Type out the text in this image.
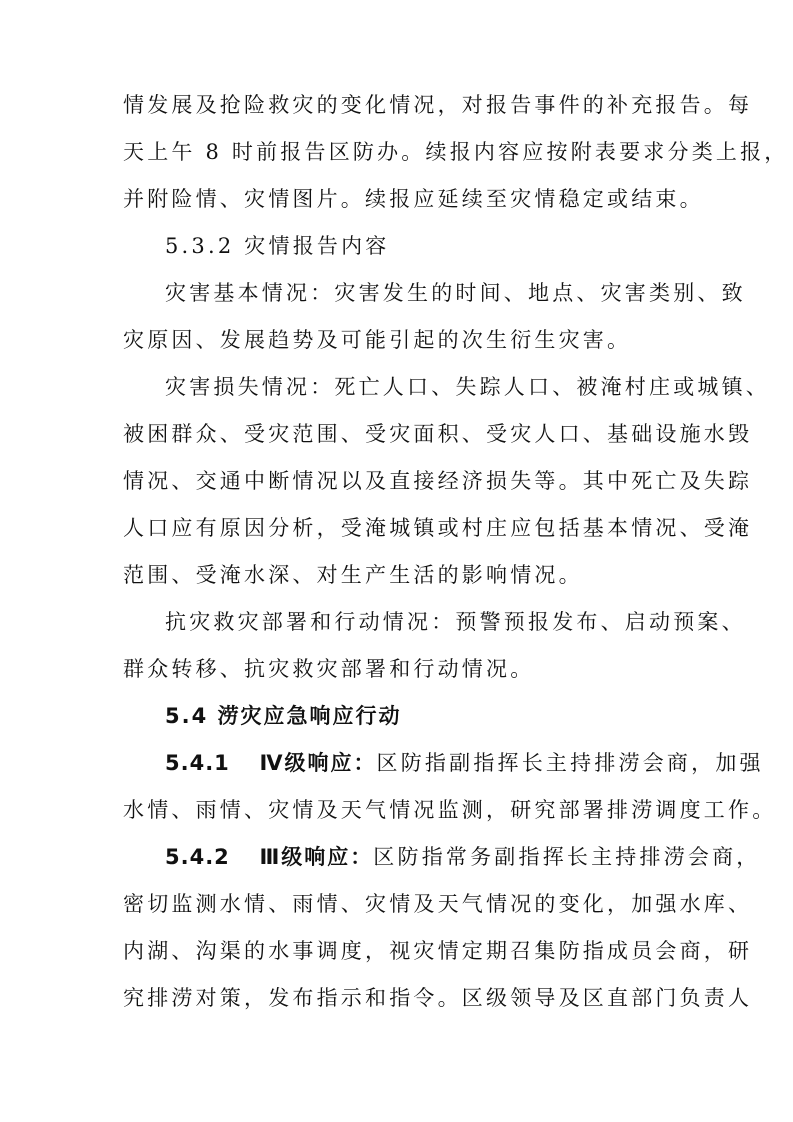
情发展及抢险救灾的变化情况，对报告事件的补充报告。每
天上午 8 时前报告区防办。续报内容应按附表要求分类上报，
并附险情、灾情图片。续报应延续至灾情稳定或结束。
5.3.2 灾情报告内容
灾害基本情况：灾害发生的时间、地点、灾害类别、致
灾原因、发展趋势及可能引起的次生衍生灾害。
灾害损失情况：死亡人口、失踪人口、被淹村庄或城镇、
被困群众、受灾范围、受灾面积、受灾人口、基础设施水毁
情况、交通中断情况以及直接经济损失等。其中死亡及失踪
人口应有原因分析，受淹城镇或村庄应包括基本情况、受淹
范围、受淹水深、对生产生活的影响情况。
抗灾救灾部署和行动情况：预警预报发布、启动预案、
群众转移、抗灾救灾部署和行动情况。
5.4 涝灾应急响应行动
5.4.1 Ⅳ级响应：区防指副指挥长主持排涝会商，加强
水情、雨情、灾情及天气情况监测，研究部署排涝调度工作。
5.4.2 Ⅲ级响应：区防指常务副指挥长主持排涝会商，
密切监测水情、雨情、灾情及天气情况的变化，加强水库、
内湖、沟渠的水事调度，视灾情定期召集防指成员会商，研
究排涝对策，发布指示和指令。区级领导及区直部门负责人
